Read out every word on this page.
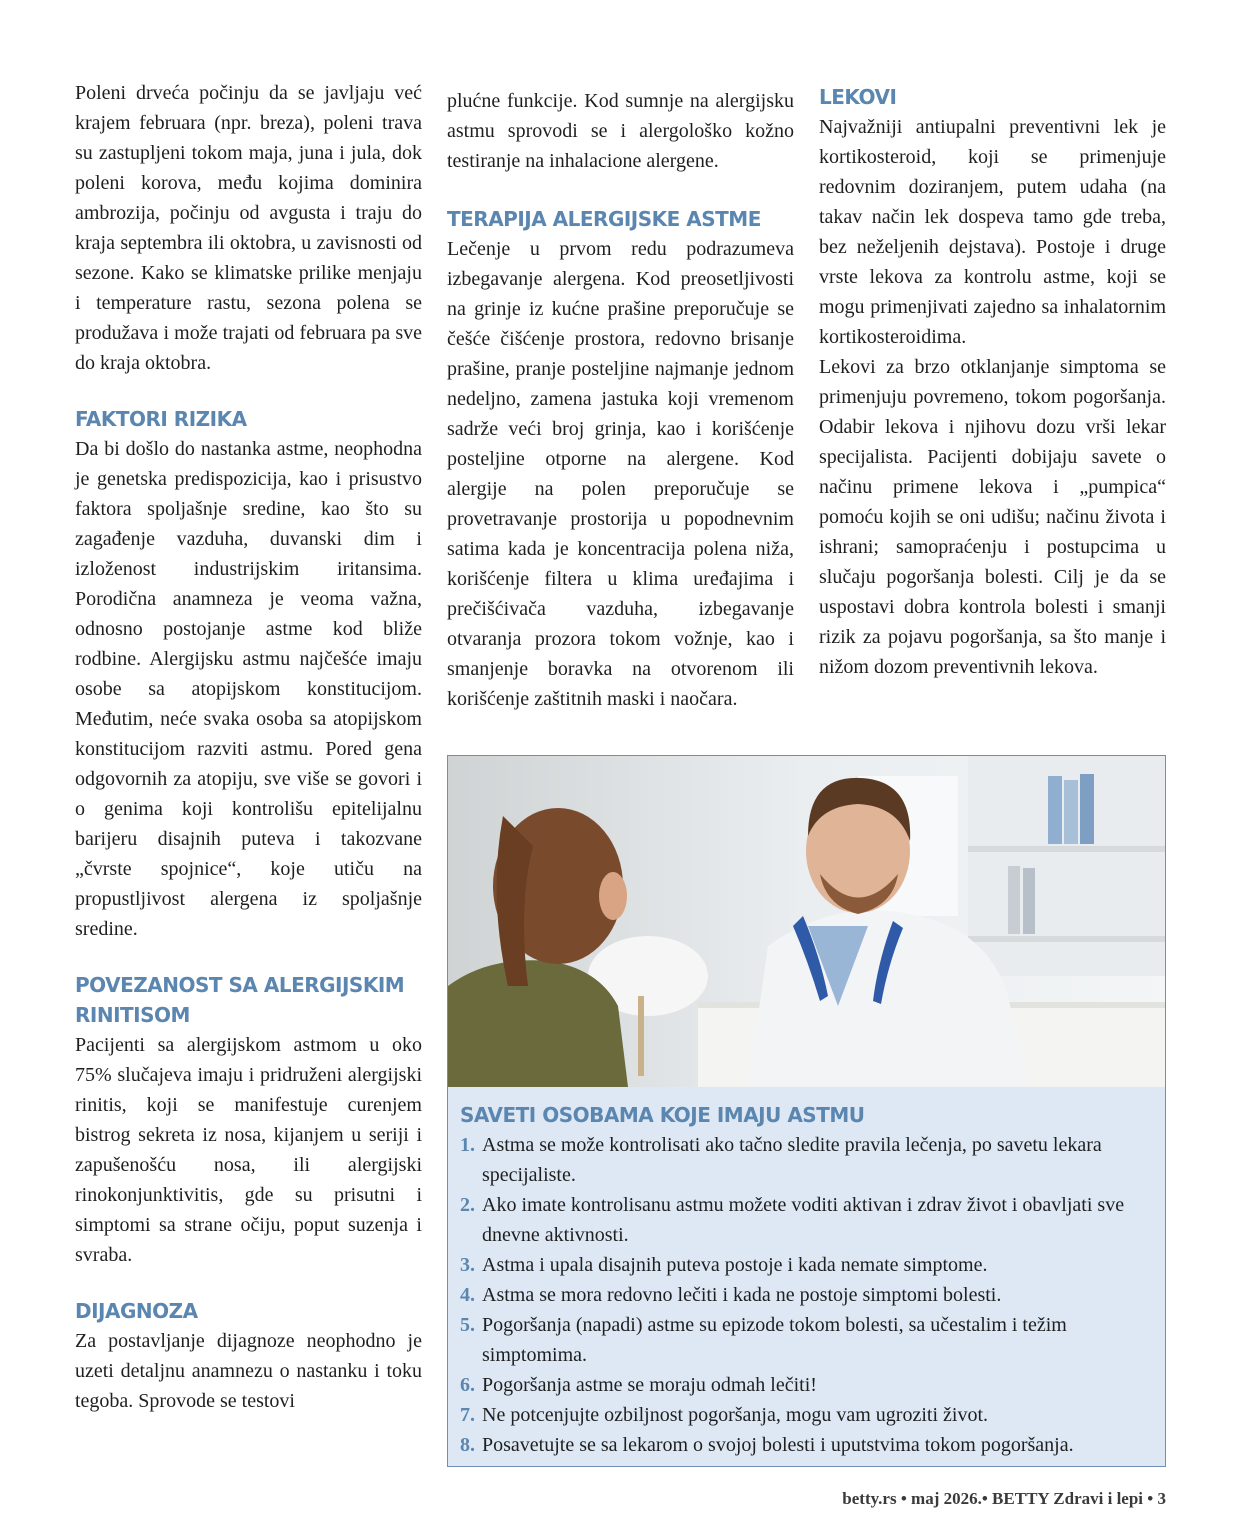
Poleni drveća počinju da se javljaju već krajem februara (npr. breza), poleni trava su zastupljeni tokom maja, juna i jula, dok poleni korova, među kojima dominira ambrozija, počinju od avgusta i traju do kraja septembra ili oktobra, u zavisnosti od sezone. Kako se klimatske prilike menjaju i temperature rastu, sezona polena se produžava i može trajati od februara pa sve do kraja oktobra.

FAKTORI RIZIKA

Da bi došlo do nastanka astme, neophodna je genetska predispozicija, kao i prisustvo faktora spoljašnje sredine, kao što su zagađenje vazduha, duvanski dim i izloženost industrijskim iritansima. Porodična anamneza je veoma važna, odnosno postojanje astme kod bliže rodbine. Alergijsku astmu najčešće imaju osobe sa atopijskom konstitucijom. Međutim, neće svaka osoba sa atopijskom konstitucijom razviti astmu. Pored gena odgovornih za atopiju, sve više se govori i o genima koji kontrolišu epitelijalnu barijeru disajnih puteva i takozvane „čvrste spojnice“, koje utiču na propustljivost alergena iz spoljašnje sredine.

POVEZANOST SA ALERGIJSKIM RINITISOM

Pacijenti sa alergijskom astmom u oko 75% slučajeva imaju i pridruženi alergijski rinitis, koji se manifestuje curenjem bistrog sekreta iz nosa, kijanjem u seriji i zapušenošću nosa, ili alergijski rinokonjunktivitis, gde su prisutni i simptomi sa strane očiju, poput suzenja i svraba.

DIJAGNOZA

Za postavljanje dijagnoze neophodno je uzeti detaljnu anamnezu o nastanku i toku tegoba. Sprovode se testovi

plućne funkcije. Kod sumnje na alergijsku astmu sprovodi se i alergološko kožno testiranje na inhalacione alergene.

TERAPIJA ALERGIJSKE ASTME

Lečenje u prvom redu podrazumeva izbegavanje alergena. Kod preosetljivosti na grinje iz kućne prašine preporučuje se češće čišćenje prostora, redovno brisanje prašine, pranje posteljine najmanje jednom nedeljno, zamena jastuka koji vremenom sadrže veći broj grinja, kao i korišćenje posteljine otporne na alergene. Kod alergije na polen preporučuje se provetravanje prostorija u popodnevnim satima kada je koncentracija polena niža, korišćenje filtera u klima uređajima i prečišćivača vazduha, izbegavanje otvaranja prozora tokom vožnje, kao i smanjenje boravka na otvorenom ili korišćenje zaštitnih maski i naočara.

LEKOVI

Najvažniji antiupalni preventivni lek je kortikosteroid, koji se primenjuje redovnim doziranjem, putem udaha (na takav način lek dospeva tamo gde treba, bez neželjenih dejstava). Postoje i druge vrste lekova za kontrolu astme, koji se mogu primenjivati zajedno sa inhalatornim kortikosteroidima.

Lekovi za brzo otklanjanje simptoma se primenjuju povremeno, tokom pogoršanja. Odabir lekova i njihovu dozu vrši lekar specijalista. Pacijenti dobijaju savete o načinu primene lekova i „pumpica“ pomoću kojih se oni udišu; načinu života i ishrani; samopraćenju i postupcima u slučaju pogoršanja bolesti. Cilj je da se uspostavi dobra kontrola bolesti i smanji rizik za pojavu pogoršanja, sa što manje i nižom dozom preventivnih lekova.

SAVETI OSOBAMA KOJE IMAJU ASTMU
1. Astma se može kontrolisati ako tačno sledite pravila lečenja, po savetu lekara specijaliste.
2. Ako imate kontrolisanu astmu možete voditi aktivan i zdrav život i obavljati sve dnevne aktivnosti.
3. Astma i upala disajnih puteva postoje i kada nemate simptome.
4. Astma se mora redovno lečiti i kada ne postoje simptomi bolesti.
5. Pogoršanja (napadi) astme su epizode tokom bolesti, sa učestalim i težim simptomima.
6. Pogoršanja astme se moraju odmah lečiti!
7. Ne potcenjujte ozbiljnost pogoršanja, mogu vam ugroziti život.
8. Posavetujte se sa lekarom o svojoj bolesti i uputstvima tokom pogoršanja.
betty.rs • maj 2026.• BETTY Zdravi i lepi • 3
